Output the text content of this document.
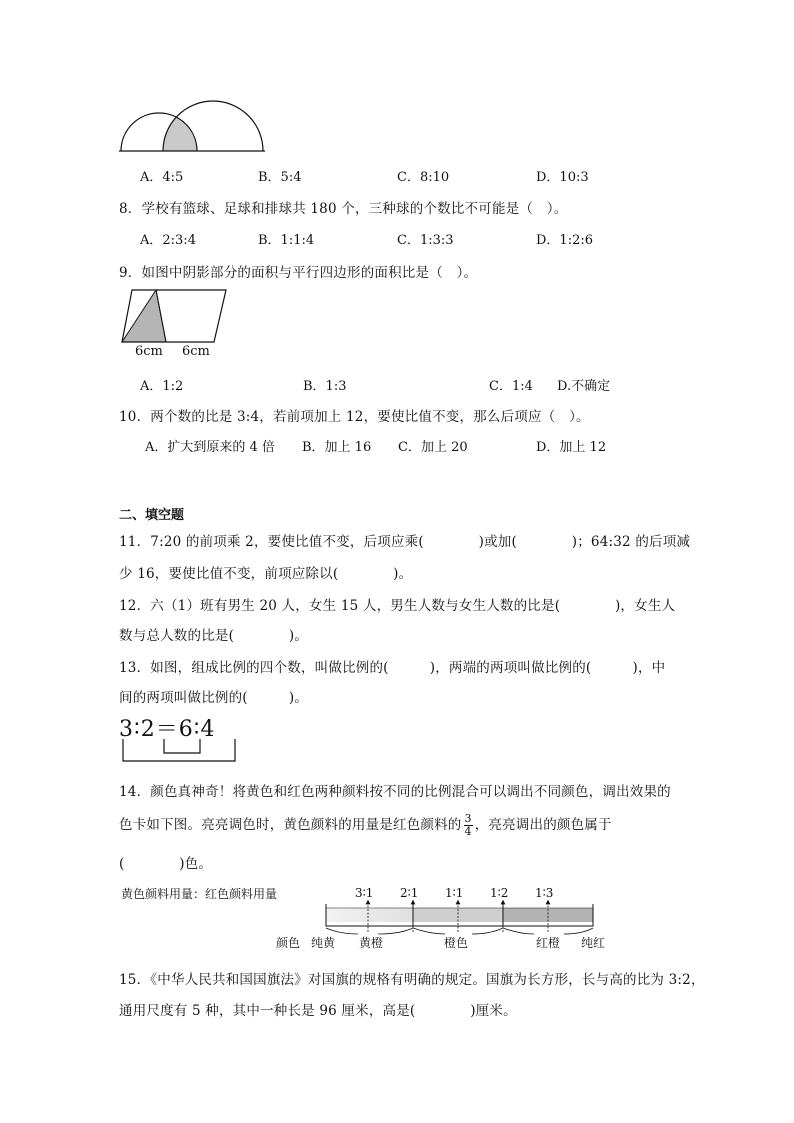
A．4:5	B．5:4	C．8:10	D．10:3
8．学校有篮球、足球和排球共 180 个，三种球的个数比不可能是（　）。
A．2:3:4	B．1:1:4	C．1:3:3	D．1:2:6
9．如图中阴影部分的面积与平行四边形的面积比是（　）。
6cm 6cm
A．1:2	B．1:3	C．1:4 D.不确定
10．两个数的比是 3:4，若前项加上 12，要使比值不变，那么后项应（　）。
A．扩大到原来的 4 倍 B．加上 16 C．加上 20	D．加上 12
二、填空题
11．7:20 的前项乘 2，要使比值不变，后项应乘(　　　　)或加(　　　　)；64:32 的后项减
少 16，要使比值不变，前项应除以(　　　　)。
12．六（1）班有男生 20 人，女生 15 人，男生人数与女生人数的比是(　　　　)，女生人
数与总人数的比是(　　　　)。
13．如图，组成比例的四个数，叫做比例的(　　　)，两端的两项叫做比例的(　　　)，中
间的两项叫做比例的(　　　)。
3∶2＝6∶4
14．颜色真神奇！将黄色和红色两种颜料按不同的比例混合可以调出不同颜色，调出效果的
色卡如下图。亮亮调色时，黄色颜料的用量是红色颜料的 $\frac{3}{4}$ ，亮亮调出的颜色属于
(　　　　)色。
黄色颜料用量：红色颜料用量	3∶1 2∶1 1∶1 1∶2 1∶3
颜色 纯黄 黄橙	橙色	红橙 纯红
15．《中华人民共和国国旗法》对国旗的规格有明确的规定。国旗为长方形，长与高的比为 3:2，
通用尺度有 5 种，其中一种长是 96 厘米，高是(　　　　)厘米。
